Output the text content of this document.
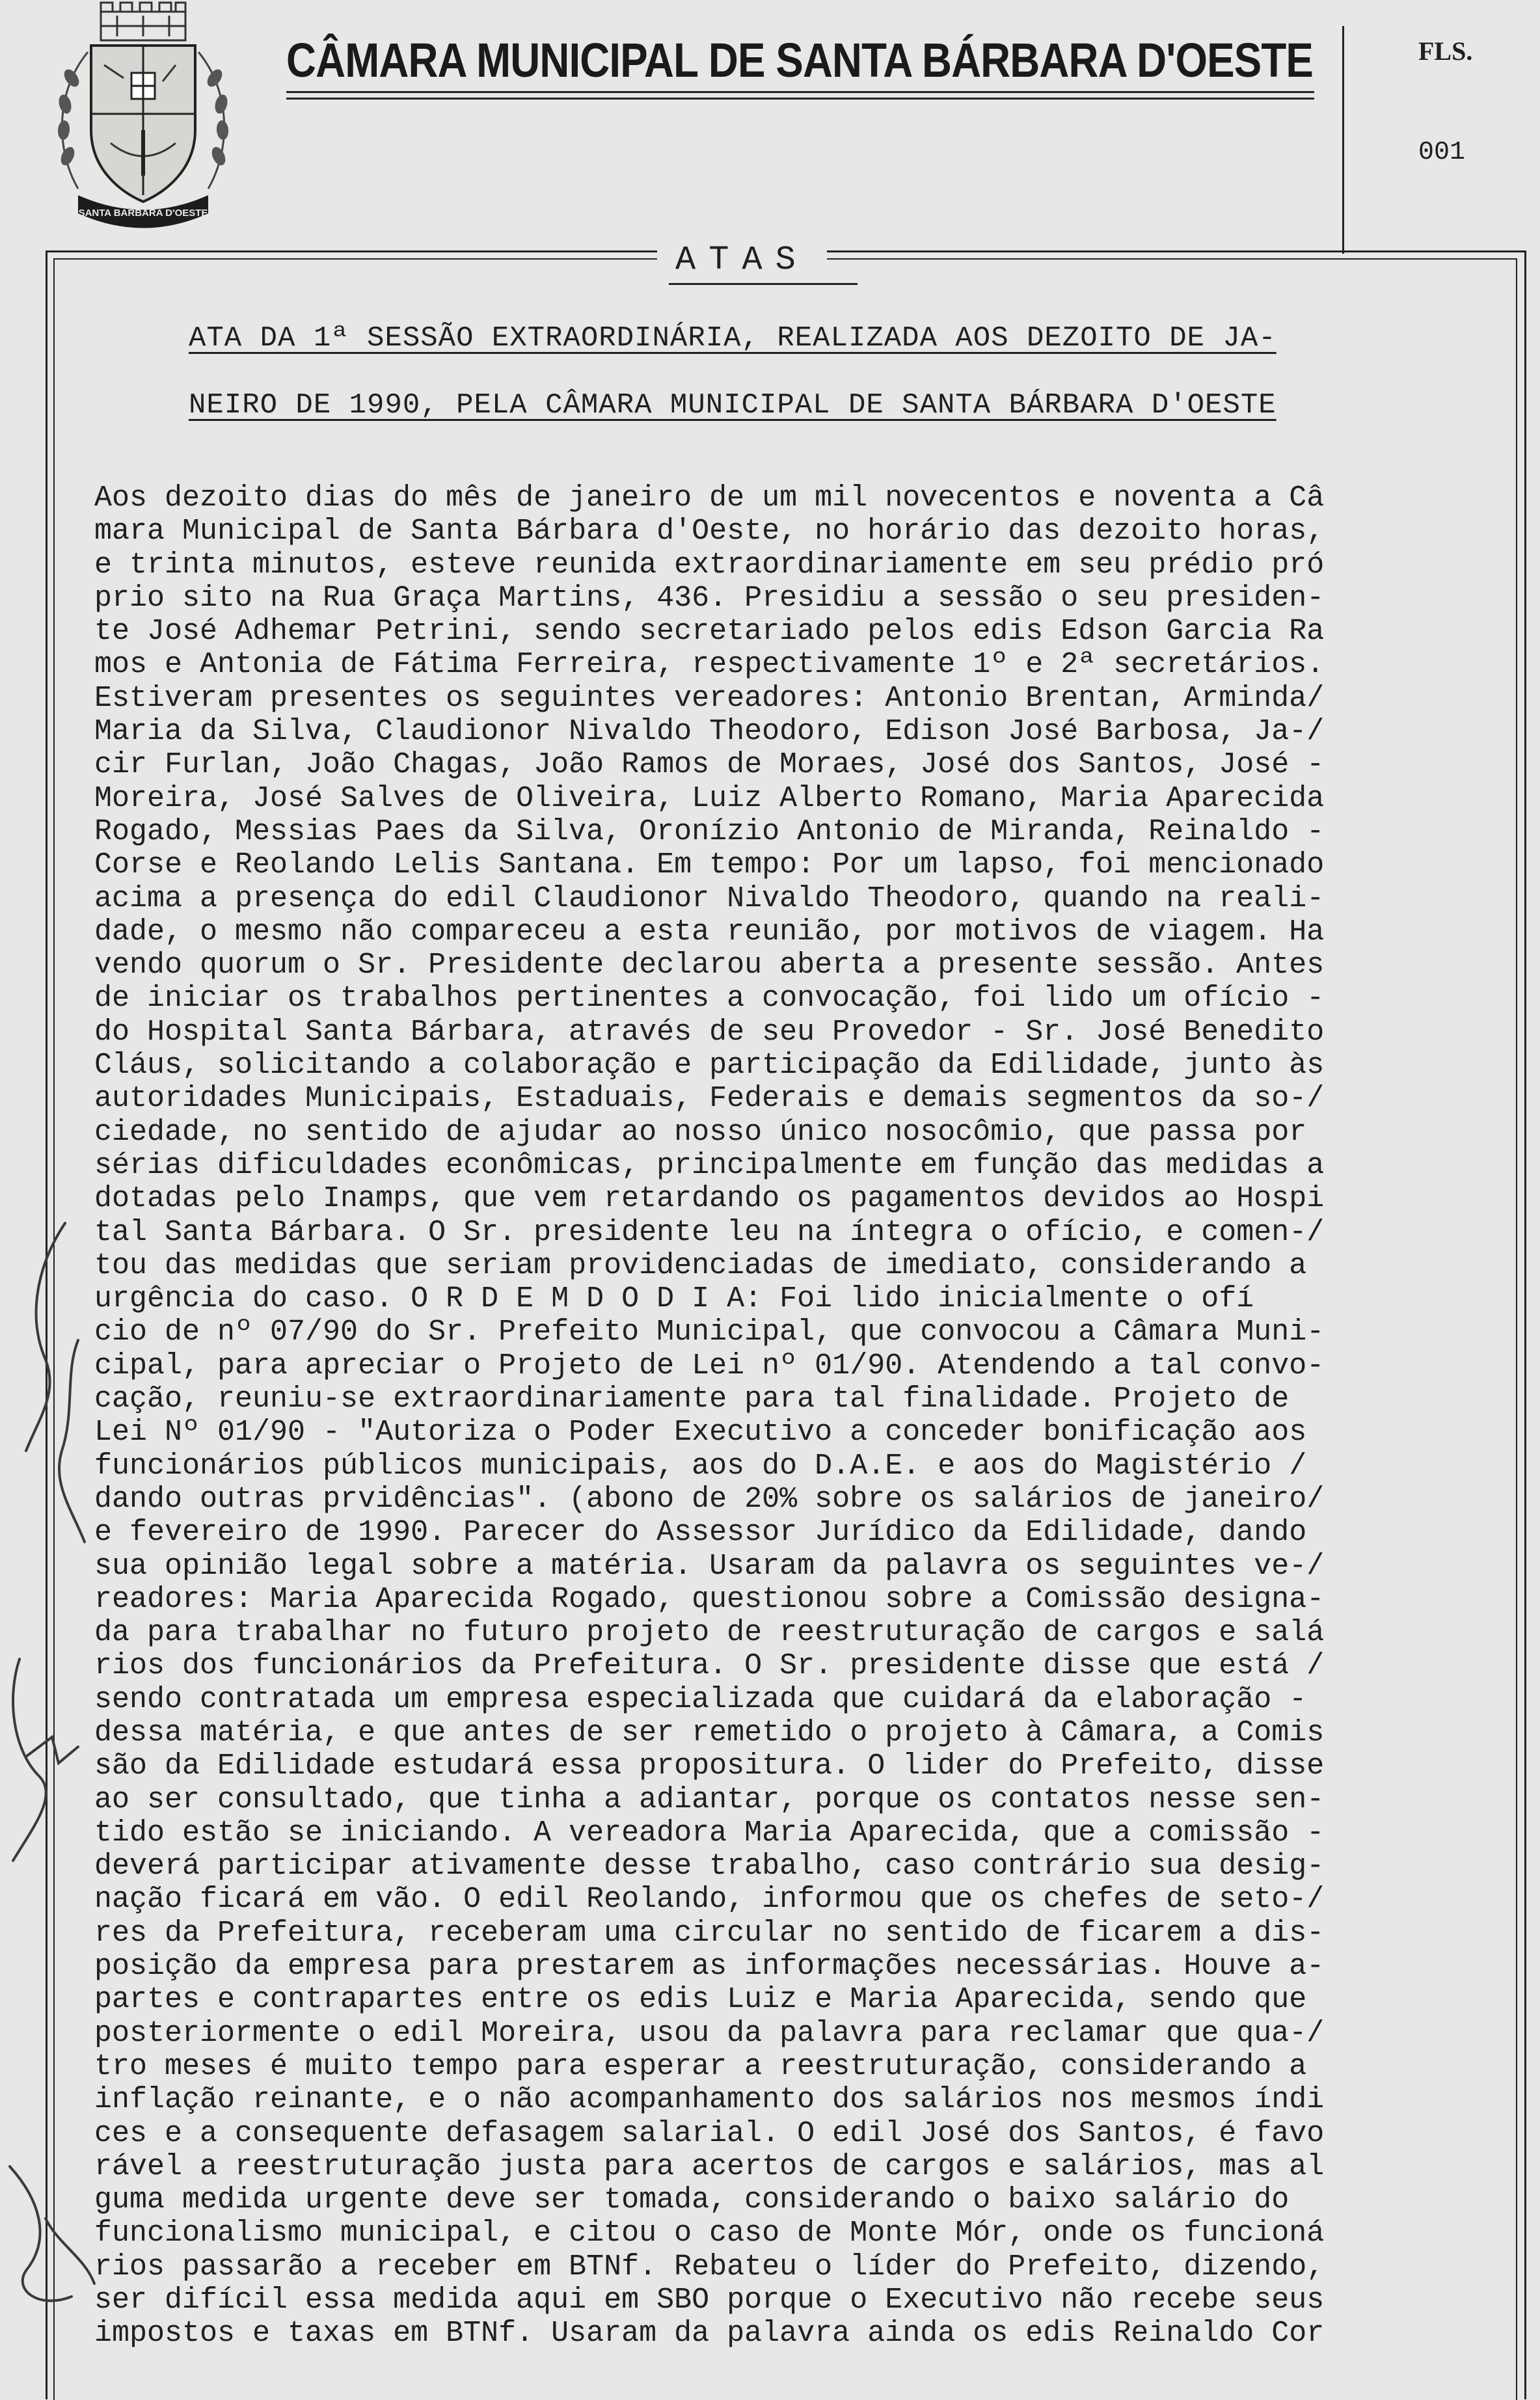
SANTA BARBARA D'OESTE
CÂMARA MUNICIPAL DE SANTA BÁRBARA D'OESTE	FLS.
001
ATAS
ATA DA 1ª SESSÃO EXTRAORDINÁRIA, REALIZADA AOS DEZOITO DE JA-
NEIRO DE 1990, PELA CÂMARA MUNICIPAL DE SANTA BÁRBARA D'OESTE
Aos dezoito dias do mês de janeiro de um mil novecentos e noventa a Câ
mara Municipal de Santa Bárbara d'Oeste, no horário das dezoito horas,
e trinta minutos, esteve reunida extraordinariamente em seu prédio pró
prio sito na Rua Graça Martins, 436. Presidiu a sessão o seu presiden-
te José Adhemar Petrini, sendo secretariado pelos edis Edson Garcia Ra
mos e Antonia de Fátima Ferreira, respectivamente 1º e 2ª secretários.
Estiveram presentes os seguintes vereadores: Antonio Brentan, Arminda/
Maria da Silva, Claudionor Nivaldo Theodoro, Edison José Barbosa, Ja-/
cir Furlan, João Chagas, João Ramos de Moraes, José dos Santos, José -
Moreira, José Salves de Oliveira, Luiz Alberto Romano, Maria Aparecida
Rogado, Messias Paes da Silva, Oronízio Antonio de Miranda, Reinaldo -
Corse e Reolando Lelis Santana. Em tempo: Por um lapso, foi mencionado
acima a presença do edil Claudionor Nivaldo Theodoro, quando na reali-
dade, o mesmo não compareceu a esta reunião, por motivos de viagem. Ha
vendo quorum o Sr. Presidente declarou aberta a presente sessão. Antes
de iniciar os trabalhos pertinentes a convocação, foi lido um ofício -
do Hospital Santa Bárbara, através de seu Provedor - Sr. José Benedito
Cláus, solicitando a colaboração e participação da Edilidade, junto às
autoridades Municipais, Estaduais, Federais e demais segmentos da so-/
ciedade, no sentido de ajudar ao nosso único nosocômio, que passa por
sérias dificuldades econômicas, principalmente em função das medidas a
dotadas pelo Inamps, que vem retardando os pagamentos devidos ao Hospi
tal Santa Bárbara. O Sr. presidente leu na íntegra o ofício, e comen-/
tou das medidas que seriam providenciadas de imediato, considerando a
urgência do caso. O R D E M D O D I A: Foi lido inicialmente o ofí
cio de nº 07/90 do Sr. Prefeito Municipal, que convocou a Câmara Muni-
cipal, para apreciar o Projeto de Lei nº 01/90. Atendendo a tal convo-
cação, reuniu-se extraordinariamente para tal finalidade. Projeto de
Lei Nº 01/90 - "Autoriza o Poder Executivo a conceder bonificação aos
funcionários públicos municipais, aos do D.A.E. e aos do Magistério /
dando outras prvidências". (abono de 20% sobre os salários de janeiro/
e fevereiro de 1990. Parecer do Assessor Jurídico da Edilidade, dando
sua opinião legal sobre a matéria. Usaram da palavra os seguintes ve-/
readores: Maria Aparecida Rogado, questionou sobre a Comissão designa-
da para trabalhar no futuro projeto de reestruturação de cargos e salá
rios dos funcionários da Prefeitura. O Sr. presidente disse que está /
sendo contratada um empresa especializada que cuidará da elaboração -
dessa matéria, e que antes de ser remetido o projeto à Câmara, a Comis
são da Edilidade estudará essa propositura. O lider do Prefeito, disse
ao ser consultado, que tinha a adiantar, porque os contatos nesse sen-
tido estão se iniciando. A vereadora Maria Aparecida, que a comissão -
deverá participar ativamente desse trabalho, caso contrário sua desig-
nação ficará em vão. O edil Reolando, informou que os chefes de seto-/
res da Prefeitura, receberam uma circular no sentido de ficarem a dis-
posição da empresa para prestarem as informações necessárias. Houve a-
partes e contrapartes entre os edis Luiz e Maria Aparecida, sendo que
posteriormente o edil Moreira, usou da palavra para reclamar que qua-/
tro meses é muito tempo para esperar a reestruturação, considerando a
inflação reinante, e o não acompanhamento dos salários nos mesmos índi
ces e a consequente defasagem salarial. O edil José dos Santos, é favo
rável a reestruturação justa para acertos de cargos e salários, mas al
guma medida urgente deve ser tomada, considerando o baixo salário do
funcionalismo municipal, e citou o caso de Monte Mór, onde os funcioná
rios passarão a receber em BTNf. Rebateu o líder do Prefeito, dizendo,
ser difícil essa medida aqui em SBO porque o Executivo não recebe seus
impostos e taxas em BTNf. Usaram da palavra ainda os edis Reinaldo Cor
